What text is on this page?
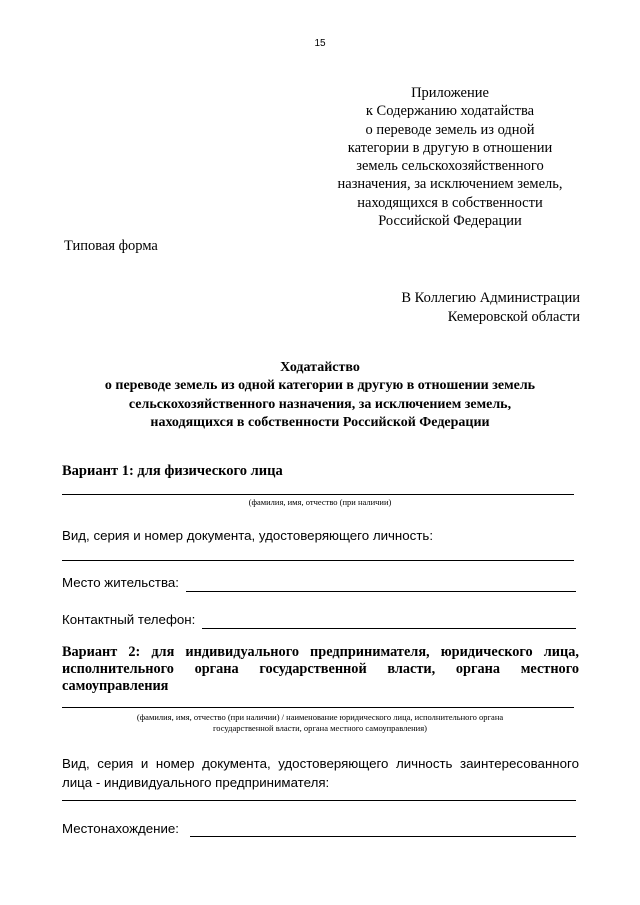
15
Приложение
к Содержанию ходатайства
о переводе земель из одной
категории в другую в отношении
земель сельскохозяйственного
назначения, за исключением земель,
находящихся в собственности
Российской Федерации
Типовая форма
В Коллегию Администрации
Кемеровской области
Ходатайство
о переводе земель из одной категории в другую в отношении земель
сельскохозяйственного назначения, за исключением земель,
находящихся в собственности Российской Федерации
Вариант 1: для физического лица
(фамилия, имя, отчество (при наличии)
Вид, серия и номер документа, удостоверяющего личность:
Место жительства:
Контактный телефон:
Вариант 2: для индивидуального предпринимателя, юридического лица,
исполнительного органа государственной власти, органа местного
самоуправления
(фамилия, имя, отчество (при наличии) / наименование юридического лица, исполнительного органа
государственной власти, органа местного самоуправления)
Вид, серия и номер документа, удостоверяющего личность заинтересованного
лица - индивидуального предпринимателя:
Местонахождение:
